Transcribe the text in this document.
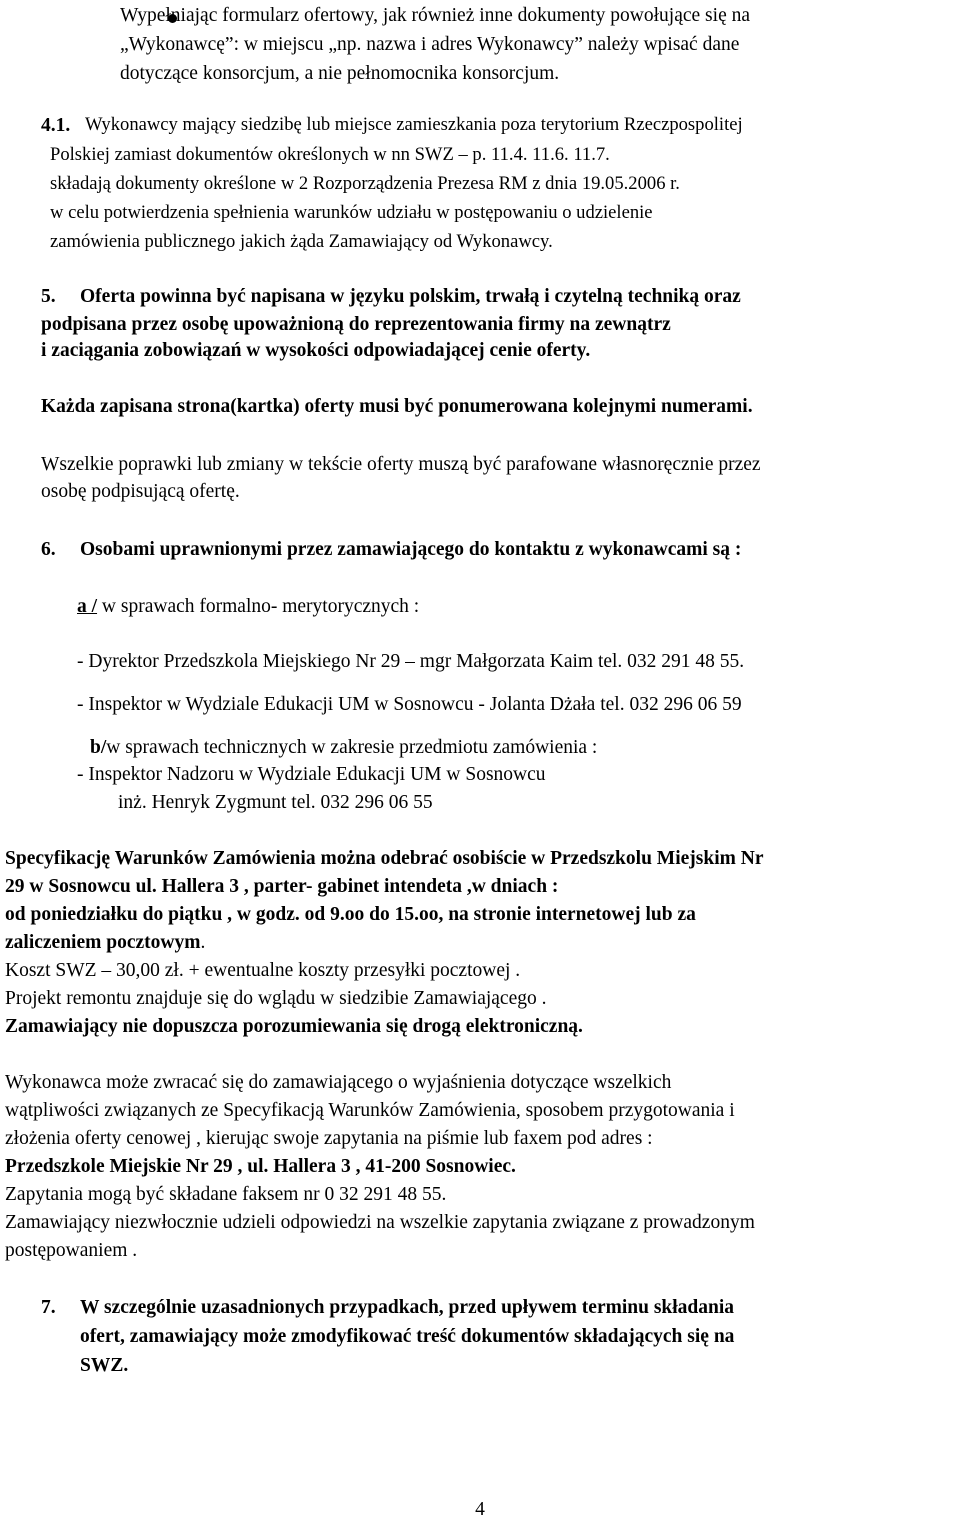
Wypełniając formularz ofertowy, jak również inne dokumenty powołujące się na
„Wykonawcę”: w miejscu „np. nazwa i adres Wykonawcy” należy wpisać dane
dotyczące konsorcjum, a nie pełnomocnika konsorcjum.
4.1. Wykonawcy mający siedzibę lub miejsce zamieszkania poza terytorium Rzeczpospolitej
Polskiej zamiast dokumentów określonych w nn SWZ – p. 11.4. 11.6. 11.7.
składają dokumenty określone w 2 Rozporządzenia Prezesa RM z dnia 19.05.2006 r.
w celu potwierdzenia spełnienia warunków udziału w postępowaniu o udzielenie
zamówienia publicznego jakich żąda Zamawiający od Wykonawcy.
5. Oferta powinna być napisana w języku polskim, trwałą i czytelną techniką oraz
podpisana przez osobę upoważnioną do reprezentowania firmy na zewnątrz
i zaciągania zobowiązań w wysokości odpowiadającej cenie oferty.
Każda zapisana strona(kartka) oferty musi być ponumerowana kolejnymi numerami.
Wszelkie poprawki lub zmiany w tekście oferty muszą być parafowane własnoręcznie przez
osobę podpisującą ofertę.
6. Osobami uprawnionymi przez zamawiającego do kontaktu z wykonawcami są :
a / w sprawach formalno- merytorycznych :
- Dyrektor Przedszkola Miejskiego Nr 29 – mgr Małgorzata Kaim tel. 032 291 48 55.
- Inspektor w Wydziale Edukacji UM w Sosnowcu - Jolanta Dżała tel. 032 296 06 59
b/w sprawach technicznych w zakresie przedmiotu zamówienia :
- Inspektor Nadzoru w Wydziale Edukacji UM w Sosnowcu
inż. Henryk Zygmunt tel. 032 296 06 55
Specyfikację Warunków Zamówienia można odebrać osobiście w Przedszkolu Miejskim Nr
29 w Sosnowcu ul. Hallera 3 , parter- gabinet intendeta ,w dniach :
od poniedziałku do piątku , w godz. od 9.oo do 15.oo, na stronie internetowej lub za
zaliczeniem pocztowym.
Koszt SWZ – 30,00 zł. + ewentualne koszty przesyłki pocztowej .
Projekt remontu znajduje się do wglądu w siedzibie Zamawiającego .
Zamawiający nie dopuszcza porozumiewania się drogą elektroniczną.
Wykonawca może zwracać się do zamawiającego o wyjaśnienia dotyczące wszelkich
wątpliwości związanych ze Specyfikacją Warunków Zamówienia, sposobem przygotowania i
złożenia oferty cenowej , kierując swoje zapytania na piśmie lub faxem pod adres :
Przedszkole Miejskie Nr 29 , ul. Hallera 3 , 41-200 Sosnowiec.
Zapytania mogą być składane faksem nr 0 32 291 48 55.
Zamawiający niezwłocznie udzieli odpowiedzi na wszelkie zapytania związane z prowadzonym
postępowaniem .
7. W szczególnie uzasadnionych przypadkach, przed upływem terminu składania
ofert, zamawiający może zmodyfikować treść dokumentów składających się na
SWZ.
4
